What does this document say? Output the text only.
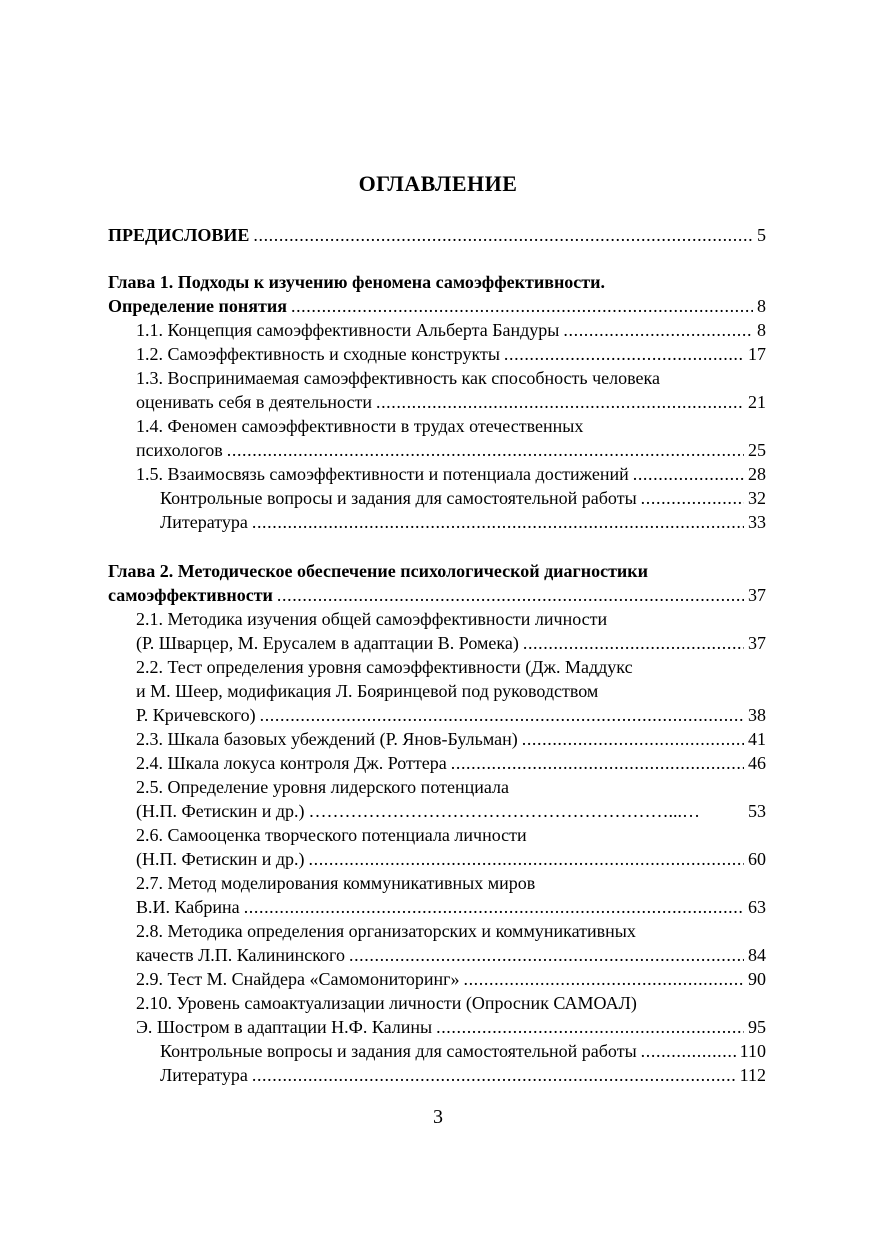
ОГЛАВЛЕНИЕ
ПРЕДИСЛОВИЕ .....	5
Глава 1. Подходы к изучению феномена самоэффективности.
Определение понятия .....	8
1.1. Концепция самоэффективности Альберта Бандуры .....	8
1.2. Самоэффективность и сходные конструкты .....	17
1.3. Воспринимаемая самоэффективность как способность человека
оценивать себя в деятельности .....	21
1.4. Феномен самоэффективности в трудах отечественных
психологов .....	25
1.5. Взаимосвязь самоэффективности и потенциала достижений .....	28
Контрольные вопросы и задания для самостоятельной работы .....	32
Литература .....	33
Глава 2. Методическое обеспечение психологической диагностики
самоэффективности .....	37
2.1. Методика изучения общей самоэффективности личности
(Р. Шварцер, М. Ерусалем в адаптации В. Ромека) .....	37
2.2. Тест определения уровня самоэффективности (Дж. Маддукс
и М. Шеер, модификация Л. Бояринцевой под руководством
Р. Кричевского) .....	38
2.3. Шкала базовых убеждений (Р. Янов-Бульман) .....	41
2.4. Шкала локуса контроля Дж. Роттера .....	46
2.5. Определение уровня лидерского потенциала
(Н.П. Фетискин и др.) ……………………………………………………...…	53
2.6. Самооценка творческого потенциала личности
(Н.П. Фетискин и др.) .....	60
2.7. Метод моделирования коммуникативных миров
В.И. Кабрина .....	63
2.8. Методика определения организаторских и коммуникативных
качеств Л.П. Калининского .....	84
2.9. Тест М. Снайдера «Самомониторинг» .....	90
2.10. Уровень самоактуализации личности (Опросник САМОАЛ)
Э. Шостром в адаптации Н.Ф. Калины .....	95
Контрольные вопросы и задания для самостоятельной работы .....	110
Литература .....	112
3
